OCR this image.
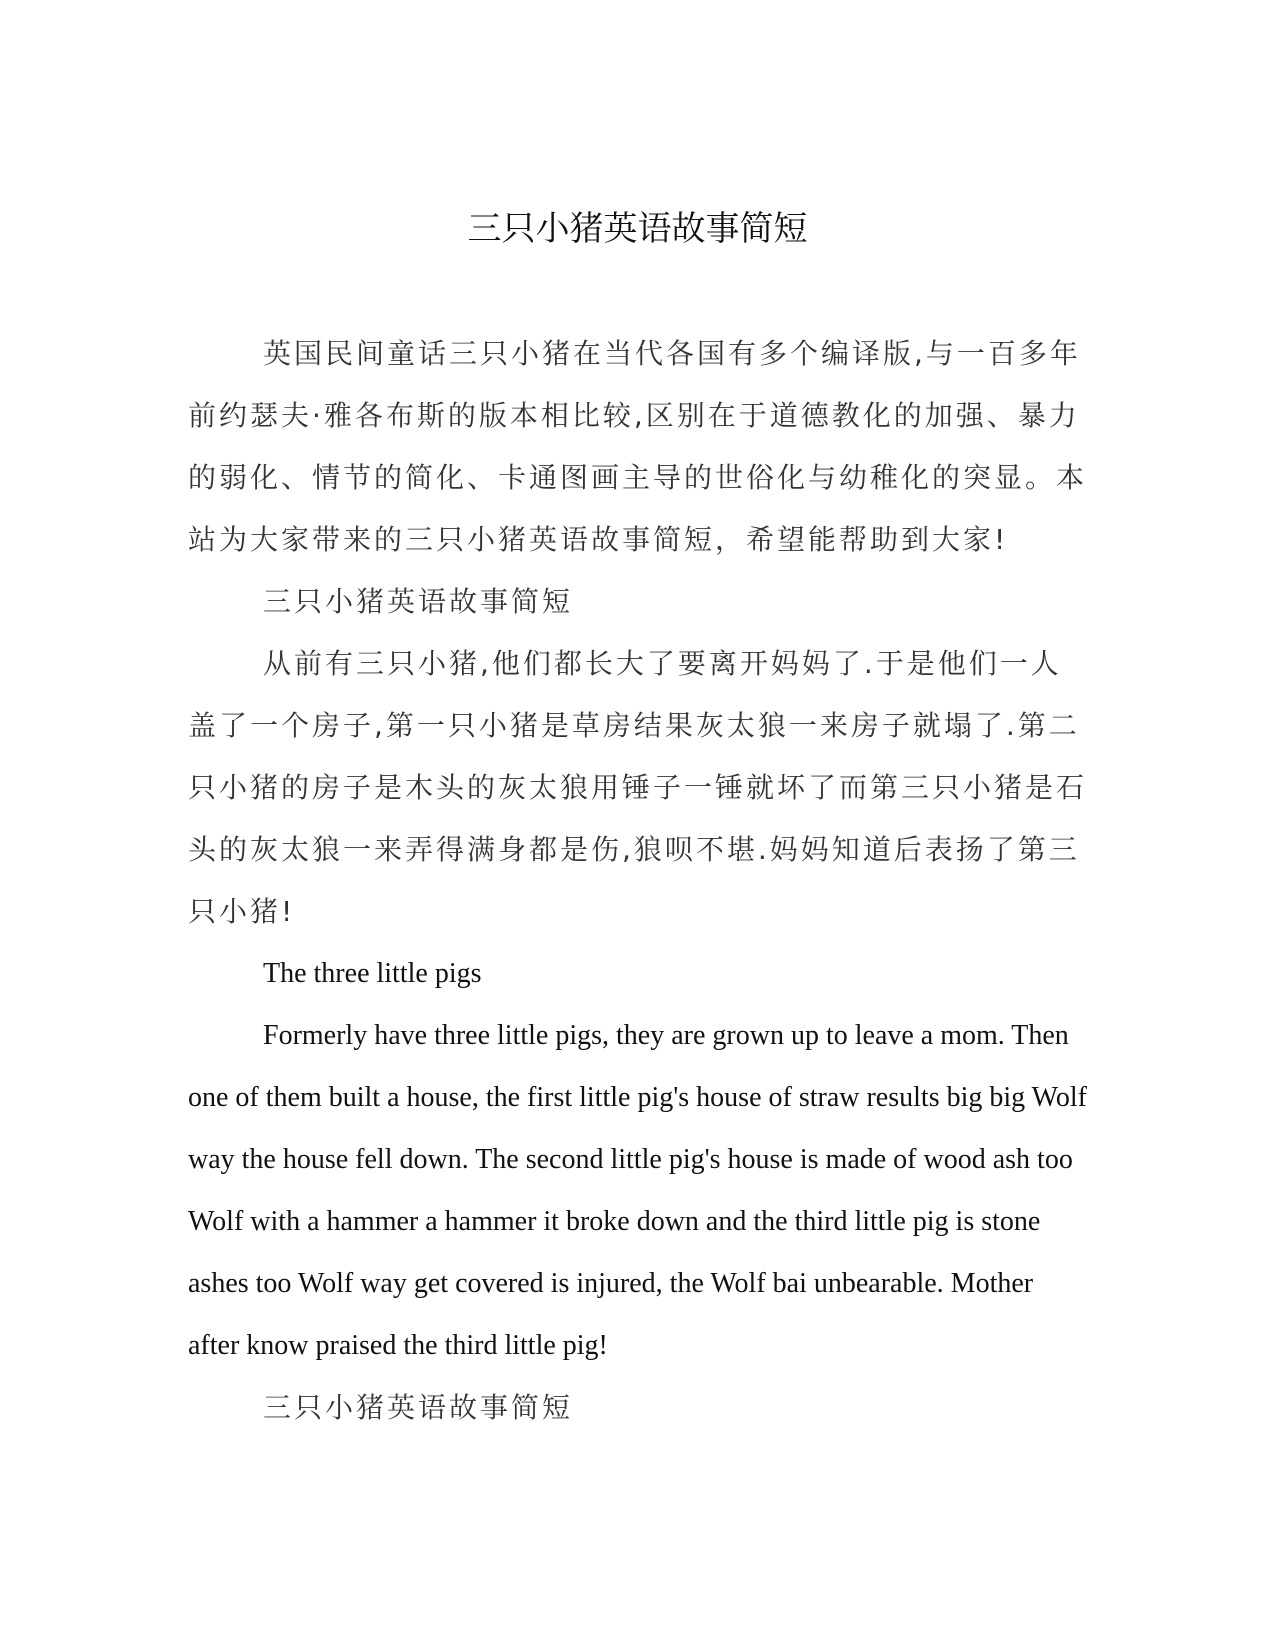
三只小猪英语故事简短

英国民间童话三只小猪在当代各国有多个编译版,与一百多年前约瑟夫·雅各布斯的版本相比较,区别在于道德教化的加强、暴力的弱化、情节的简化、卡通图画主导的世俗化与幼稚化的突显。本站为大家带来的三只小猪英语故事简短，希望能帮助到大家!

三只小猪英语故事简短

从前有三只小猪,他们都长大了要离开妈妈了.于是他们一人盖了一个房子,第一只小猪是草房结果灰太狼一来房子就塌了.第二只小猪的房子是木头的灰太狼用锤子一锤就坏了而第三只小猪是石头的灰太狼一来弄得满身都是伤,狼呗不堪.妈妈知道后表扬了第三只小猪!

The three little pigs

Formerly have three little pigs, they are grown up to leave a mom. Then one of them built a house, the first little pig's house of straw results big big Wolf way the house fell down. The second little pig's house is made of wood ash too Wolf with a hammer a hammer it broke down and the third little pig is stone ashes too Wolf way get covered is injured, the Wolf bai unbearable. Mother after know praised the third little pig!

三只小猪英语故事简短
